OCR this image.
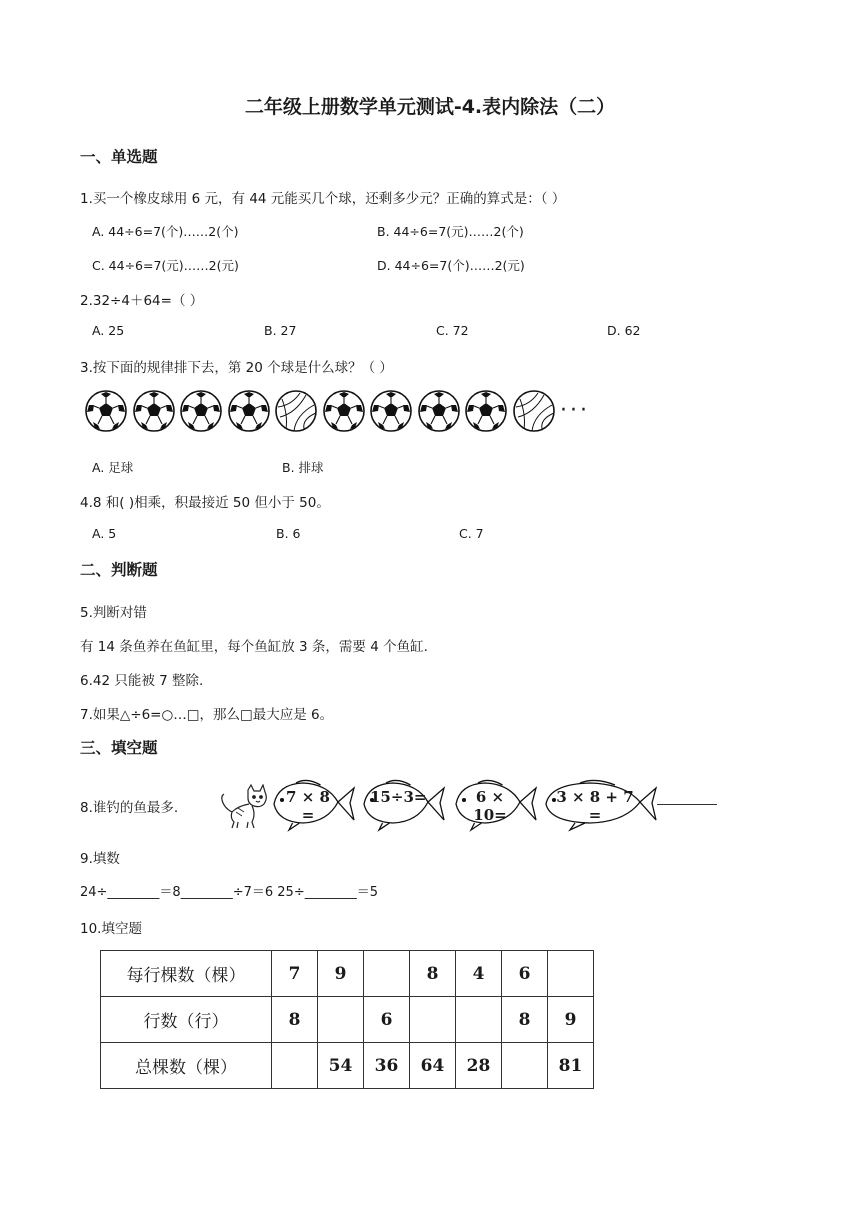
二年级上册数学单元测试-4.表内除法（二）
一、单选题
1.买一个橡皮球用 6 元，有 44 元能买几个球，还剩多少元？正确的算式是：（ ）
A. 44÷6=7(个)……2(个)	B. 44÷6=7(元)……2(个)
C. 44÷6=7(元)……2(元)	D. 44÷6=7(个)……2(元)
2.32÷4＋64=（ ）
A. 25	B. 27	C. 72	D. 62
3.按下面的规律排下去，第 20 个球是什么球？（ ）
···
A. 足球	B. 排球
4.8 和( )相乘，积最接近 50 但小于 50。
A. 5	B. 6	C. 7
二、判断题
5.判断对错
有 14 条鱼养在鱼缸里，每个鱼缸放 3 条，需要 4 个鱼缸.
6.42 只能被 7 整除.
7.如果△÷6=○…□，那么□最大应是 6。
三、填空题
8.谁钓的鱼最多.
7 × 8 =
15÷3=	6 × 10=
3 × 8 + 7 =
9.填数
24÷________＝8________÷7＝6 25÷________＝5
10.填空题
每行棵数（棵）	7	9		8	4	6	
行数（行）	8		6			8	9
总棵数（棵）		54	36	64	28		81
